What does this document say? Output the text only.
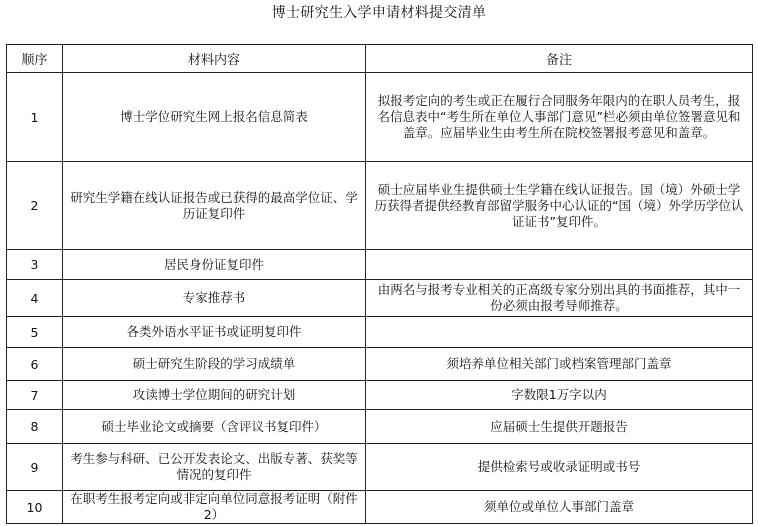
博士研究生入学申请材料提交清单
顺序	材料内容	备注
1	博士学位研究生网上报名信息简表	拟报考定向的考生或正在履行合同服务年限内的在职人员考生，报名信息表中“考生所在单位人事部门意见”栏必须由单位签署意见和盖章。应届毕业生由考生所在院校签署报考意见和盖章。
2	研究生学籍在线认证报告或已获得的最高学位证、学历证复印件	硕士应届毕业生提供硕士生学籍在线认证报告。国（境）外硕士学历获得者提供经教育部留学服务中心认证的“国（境）外学历学位认证证书”复印件。
3	居民身份证复印件	
4	专家推荐书	由两名与报考专业相关的正高级专家分别出具的书面推荐，其中一份必须由报考导师推荐。
5	各类外语水平证书或证明复印件	
6	硕士研究生阶段的学习成绩单	须培养单位相关部门或档案管理部门盖章
7	攻读博士学位期间的研究计划	字数限1万字以内
8	硕士毕业论文或摘要（含评议书复印件）	应届硕士生提供开题报告
9	考生参与科研、已公开发表论文、出版专著、获奖等情况的复印件	提供检索号或收录证明或书号
10	在职考生报考定向或非定向单位同意报考证明（附件2）	须单位或单位人事部门盖章
